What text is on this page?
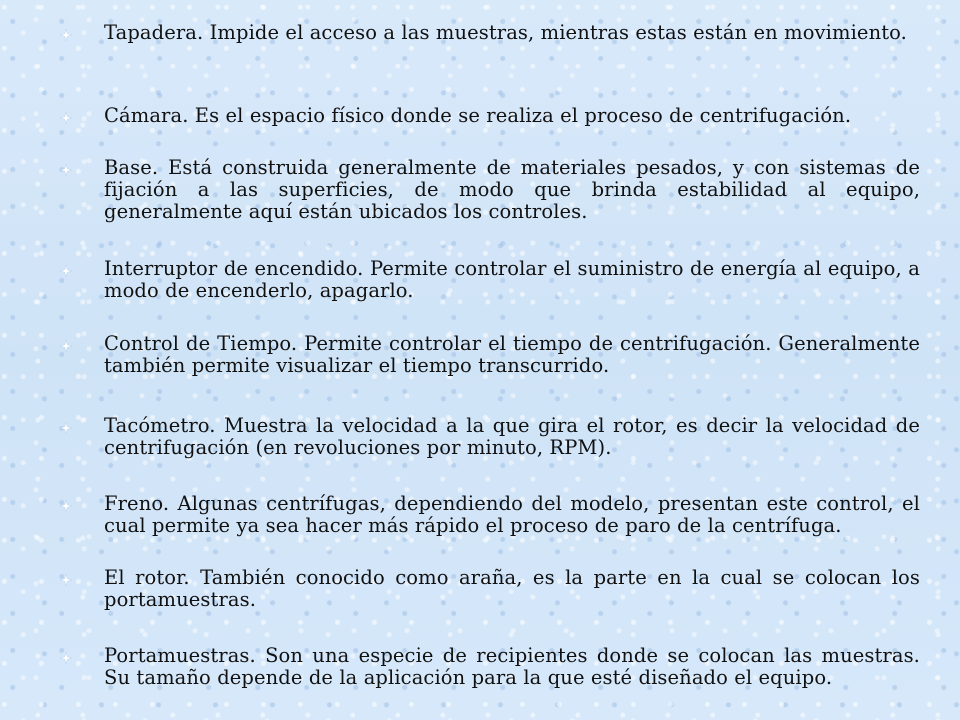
Tapadera. Impide el acceso a las muestras, mientras estas están en movimiento.
Cámara. Es el espacio físico donde se realiza el proceso de centrifugación.
Base. Está construida generalmente de materiales pesados, y con sistemas de fijación a las superficies, de modo que brinda estabilidad al equipo, generalmente aquí están ubicados los controles.
Interruptor de encendido. Permite controlar el suministro de energía al equipo, a modo de encenderlo, apagarlo.
Control de Tiempo. Permite controlar el tiempo de centrifugación. Generalmente también permite visualizar el tiempo transcurrido.
Tacómetro. Muestra la velocidad a la que gira el rotor, es decir la velocidad de centrifugación (en revoluciones por minuto, RPM).
Freno. Algunas centrífugas, dependiendo del modelo, presentan este control, el cual permite ya sea hacer más rápido el proceso de paro de la centrífuga.
El rotor. También conocido como araña, es la parte en la cual se colocan los portamuestras.
Portamuestras. Son una especie de recipientes donde se colocan las muestras. Su tamaño depende de la aplicación para la que esté diseñado el equipo.
